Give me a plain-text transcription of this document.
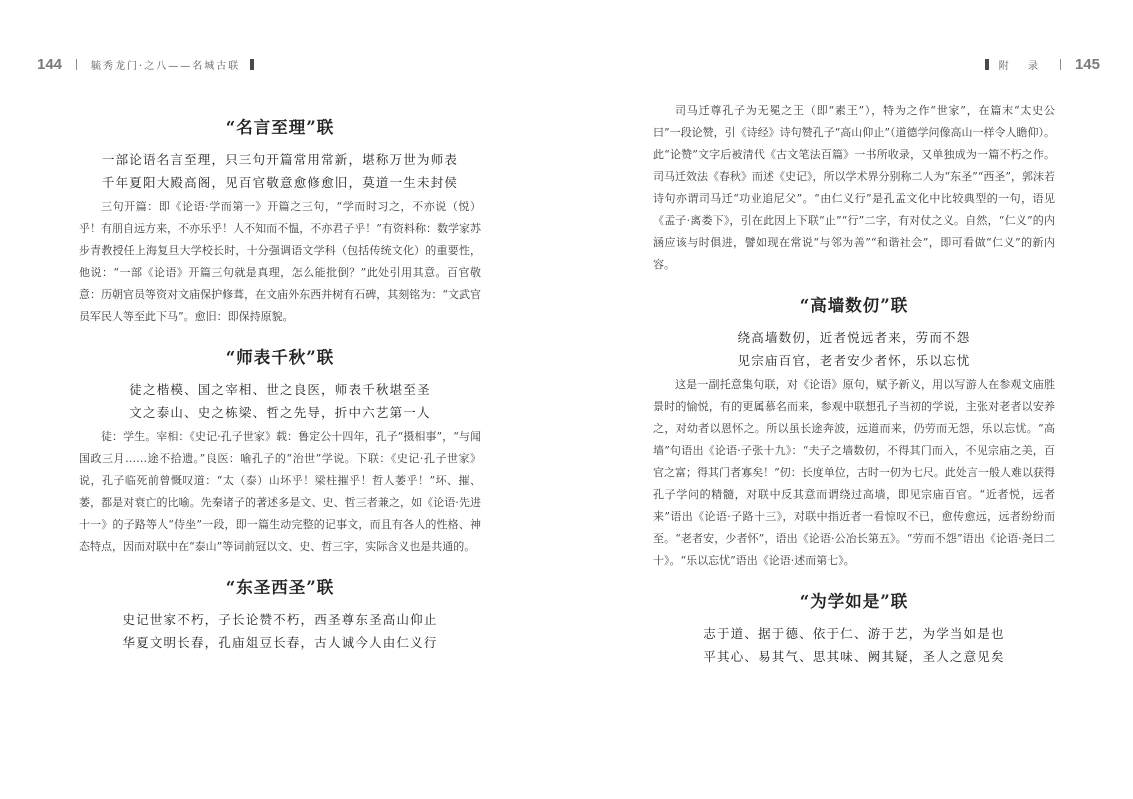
144	毓秀龙门·之八——名城古联	附 录 145
“名言至理”联
一部论语名言至理，只三句开篇常用常新，堪称万世为师表
千年夏阳大殿高阁，见百官敬意愈修愈旧，莫道一生未封侯
三句开篇：即《论语·学而第一》开篇之三句，“学而时习之，不亦说（悦）乎！有朋自远方来，不亦乐乎！人不知而不愠，不亦君子乎！”有资料称：数学家苏步青教授任上海复旦大学校长时，十分强调语文学科（包括传统文化）的重要性，他说：“一部《论语》开篇三句就是真理，怎么能批倒？”此处引用其意。百官敬意：历朝官员等资对文庙保护修葺，在文庙外东西并树有石碑，其刻铭为：“文武官员军民人等至此下马”。愈旧：即保持原貌。
“师表千秋”联
徒之楷模、国之宰相、世之良医，师表千秋堪至圣
文之泰山、史之栋梁、哲之先导，折中六艺第一人
徒：学生。宰相：《史记·孔子世家》载：鲁定公十四年，孔子“摄相事”，“与闻国政三月……途不拾遗。”良医：喻孔子的“治世”学说。下联：《史记·孔子世家》说，孔子临死前曾慨叹道：“太（泰）山坏乎！梁柱摧乎！哲人萎乎！”坏、摧、萎，都是对衰亡的比喻。先秦诸子的著述多是文、史、哲三者兼之，如《论语·先进十一》的子路等人“侍坐”一段，即一篇生动完整的记事文，而且有各人的性格、神态特点，因而对联中在“泰山”等词前冠以文、史、哲三字，实际含义也是共通的。
“东圣西圣”联
史记世家不朽，子长论赞不朽，西圣尊东圣高山仰止
华夏文明长春，孔庙俎豆长春，古人诚今人由仁义行
司马迁尊孔子为无冕之王（即“素王”），特为之作“世家”，在篇末“太史公曰”一段论赞，引《诗经》诗句赞孔子“高山仰止”（道德学问像高山一样令人瞻仰）。此“论赞”文字后被清代《古文笔法百篇》一书所收录，又单独成为一篇不朽之作。司马迁效法《春秋》而述《史记》，所以学术界分别称二人为“东圣”“西圣”，郭沫若诗句亦谓司马迁“功业追尼父”。“由仁义行”是孔孟文化中比较典型的一句，语见《孟子·离娄下》，引在此因上下联“止”“行”二字，有对仗之义。自然，“仁义”的内涵应该与时俱进，譬如现在常说“与邻为善”“和谐社会”，即可看做“仁义”的新内容。
“高墙数仞”联
绕高墙数仞，近者悦远者来，劳而不怨
见宗庙百官，老者安少者怀，乐以忘忧
这是一副托意集句联，对《论语》原句，赋予新义，用以写游人在参观文庙胜景时的愉悦，有的更属慕名而来，参观中联想孔子当初的学说，主张对老者以安养之，对幼者以恩怀之。所以虽长途奔波，远道而来，仍劳而无怨，乐以忘忧。“高墙”句语出《论语·子张十九》：“夫子之墙数仞，不得其门而入，不见宗庙之美，百官之富；得其门者寡矣！”仞：长度单位，古时一仞为七尺。此处言一般人难以获得孔子学问的精髓，对联中反其意而谓绕过高墙，即见宗庙百官。“近者悦，远者来”语出《论语·子路十三》，对联中指近者一看惊叹不已，愈传愈远，远者纷纷而至。“老者安，少者怀”，语出《论语·公冶长第五》。“劳而不怨”语出《论语·尧曰二十》。“乐以忘忧”语出《论语·述而第七》。
“为学如是”联
志于道、据于德、依于仁、游于艺，为学当如是也
平其心、易其气、思其味、阙其疑，圣人之意见矣
